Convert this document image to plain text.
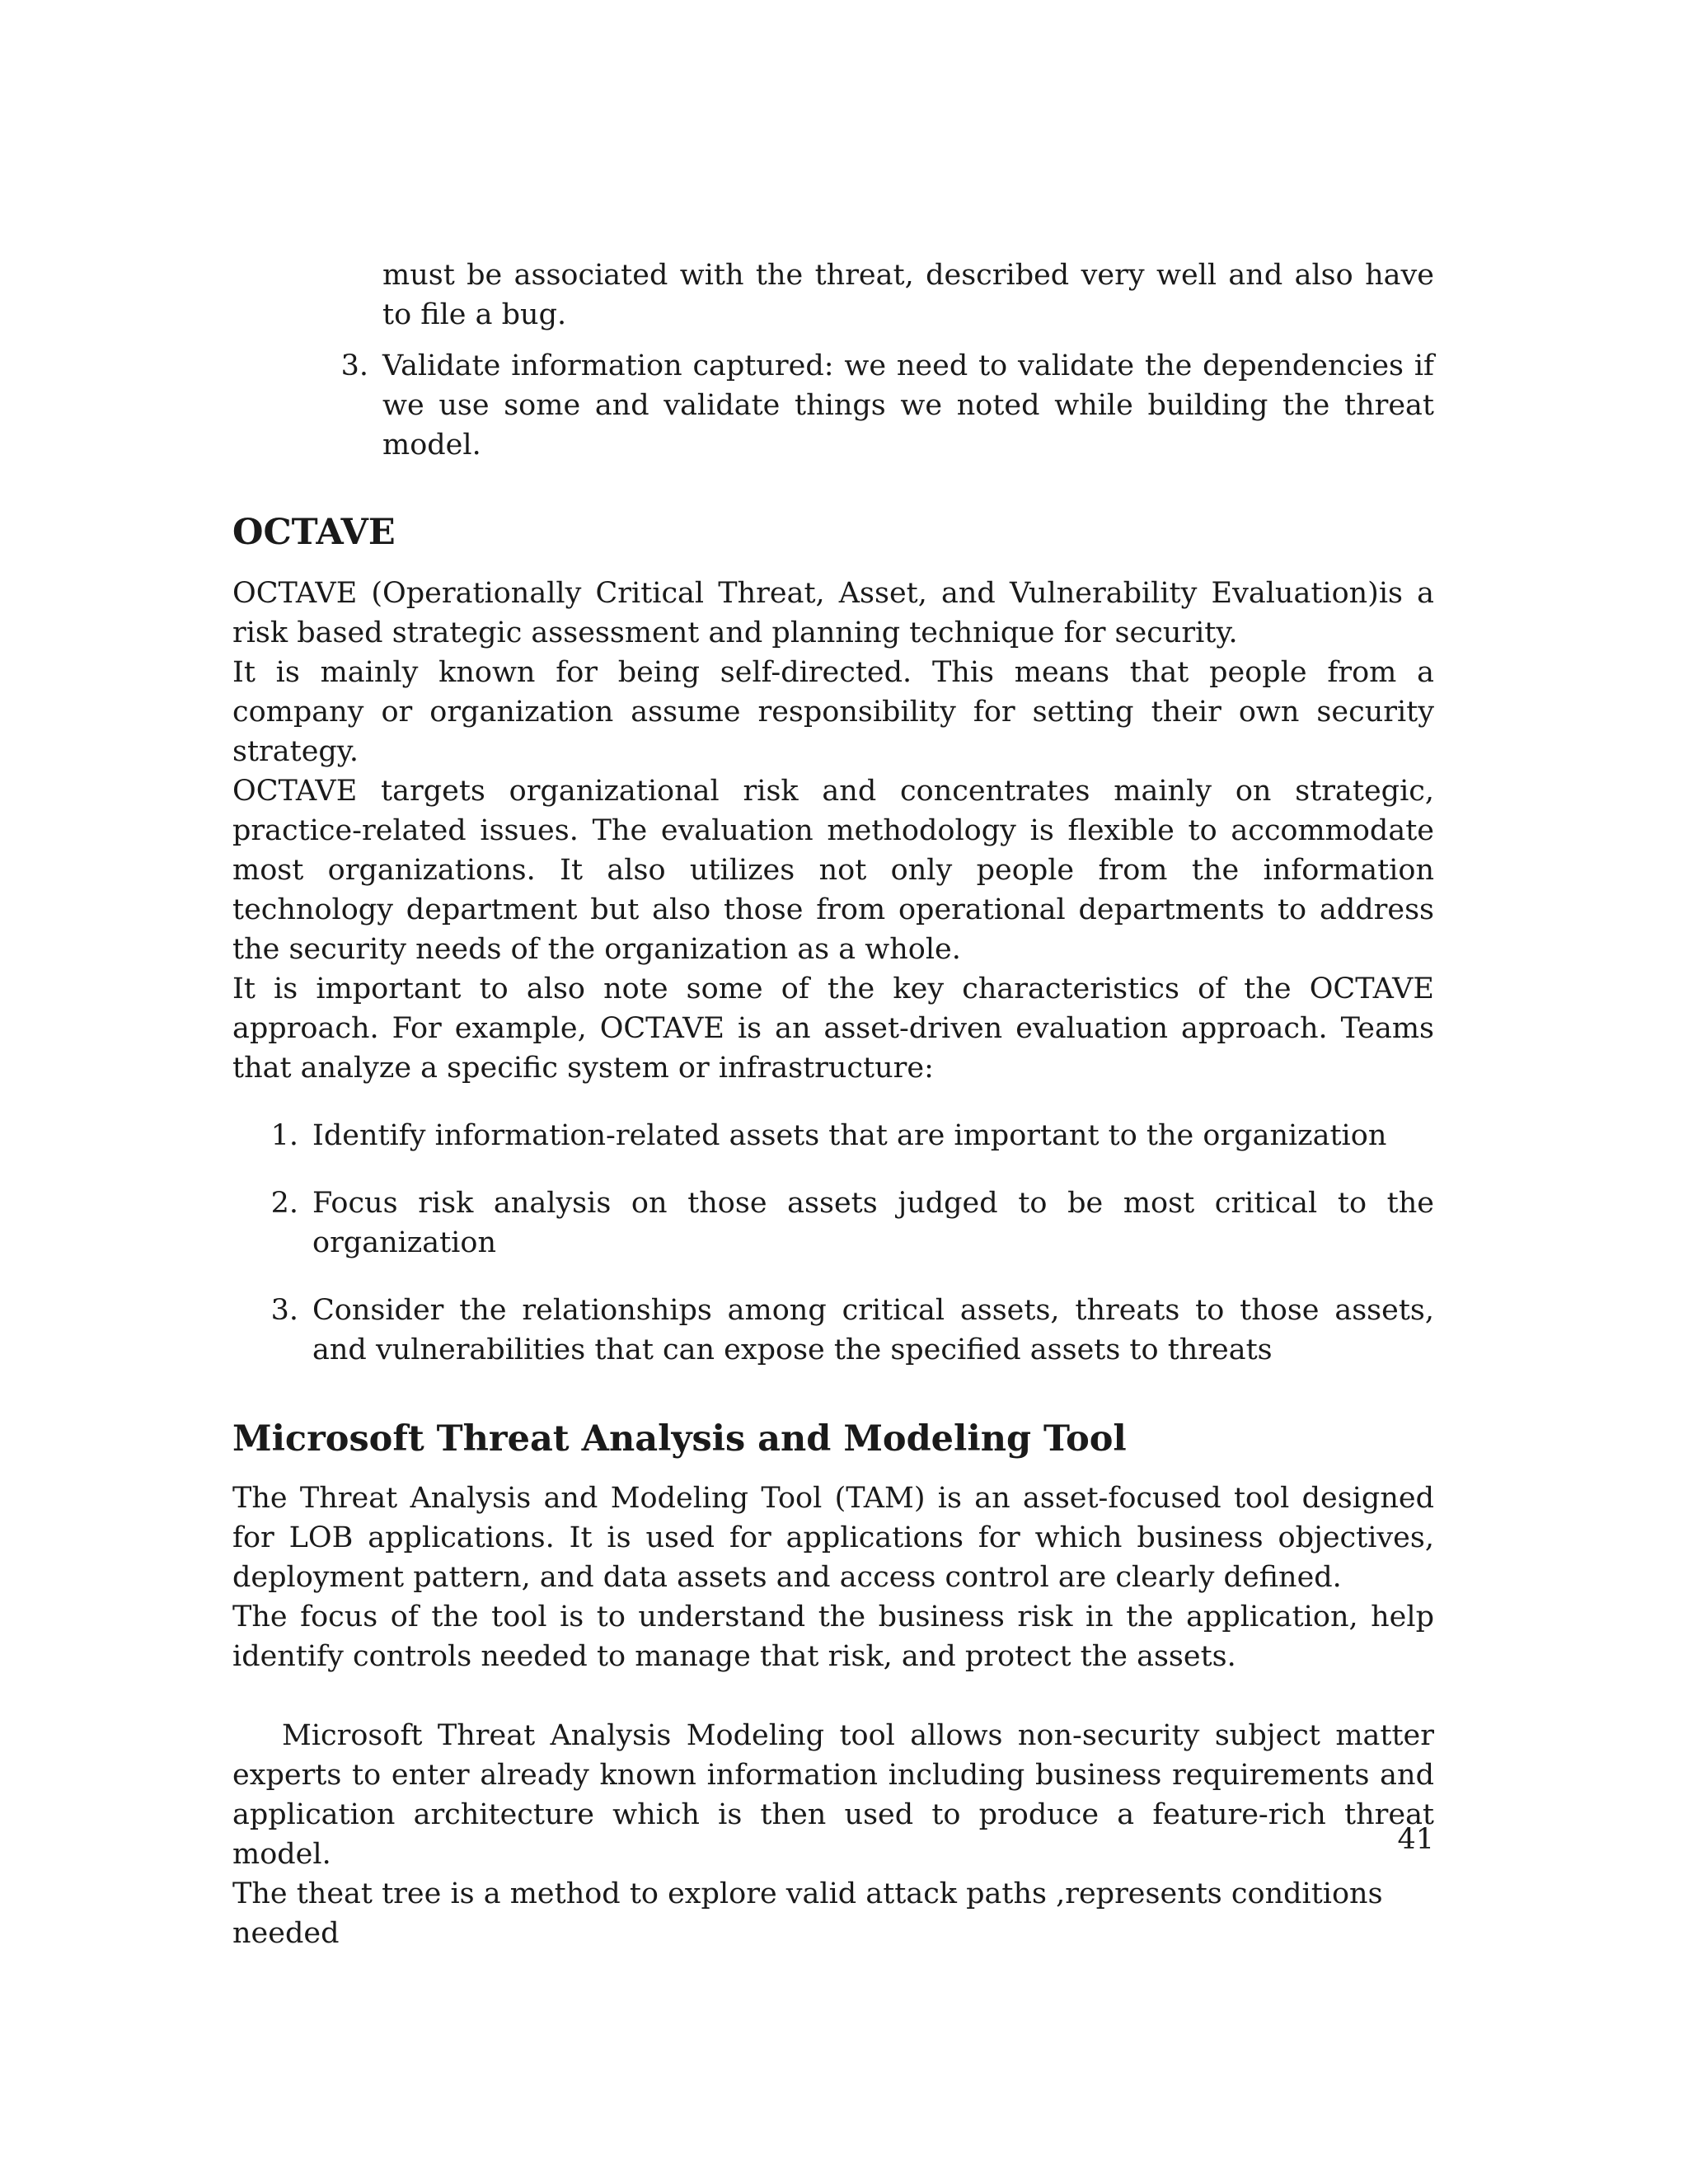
must be associated with the threat, described very well and also have to file a bug.

3. Validate information captured: we need to validate the dependencies if we use some and validate things we noted while building the threat model.
OCTAVE

OCTAVE (Operationally Critical Threat, Asset, and Vulnerability Evaluation)is a risk based strategic assessment and planning technique for security.

It is mainly known for being self-directed. This means that people from a company or organization assume responsibility for setting their own security strategy.

OCTAVE targets organizational risk and concentrates mainly on strategic, practice-related issues. The evaluation methodology is flexible to accommodate most organizations. It also utilizes not only people from the information technology department but also those from operational departments to address the security needs of the organization as a whole.

It is important to also note some of the key characteristics of the OCTAVE approach. For example, OCTAVE is an asset-driven evaluation approach. Teams that analyze a specific system or infrastructure:

1. Identify information-related assets that are important to the organization
2. Focus risk analysis on those assets judged to be most critical to the organization
3. Consider the relationships among critical assets, threats to those assets, and vulnerabilities that can expose the specified assets to threats
Microsoft Threat Analysis and Modeling Tool

The Threat Analysis and Modeling Tool (TAM) is an asset-focused tool designed for LOB applications. It is used for applications for which business objectives, deployment pattern, and data assets and access control are clearly defined.

The focus of the tool is to understand the business risk in the application, help identify controls needed to manage that risk, and protect the assets.

Microsoft Threat Analysis Modeling tool allows non-security subject matter experts to enter already known information including business requirements and application architecture which is then used to produce a feature-rich threat model.

The theat tree is a method to explore valid attack paths ,represents conditions needed

41
